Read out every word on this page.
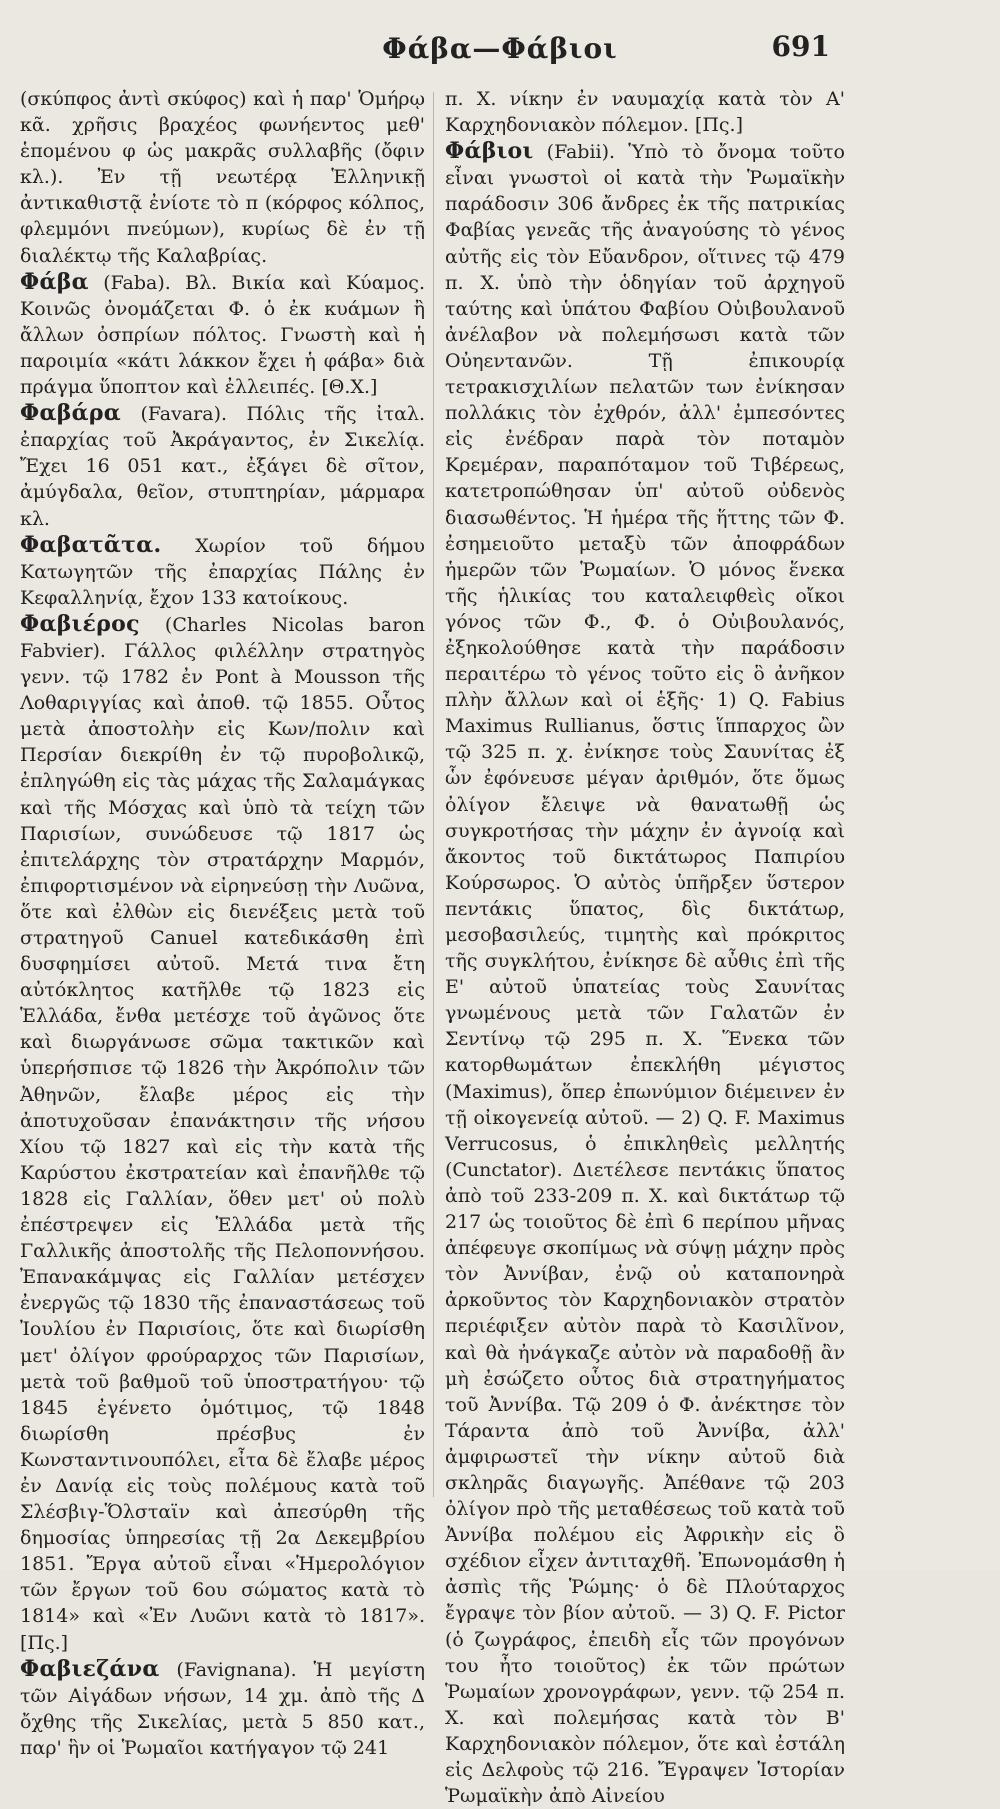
Φάβα—Φάβιοι	691

(σκύπφος ἀντὶ σκύφος) καὶ ἡ παρ' Ὁμήρῳ κᾶ. χρῆσις βραχέος φωνήεντος μεθ' ἑπομένου φ ὡς μακρᾶς συλλαβῆς (ὄφιν κλ.). Ἐν τῇ νεωτέρᾳ Ἑλληνικῇ ἀντικαθιστᾷ ἐνίοτε τὸ π (κόρφος κόλπος, φλεμμόνι πνεύμων), κυρίως δὲ ἐν τῇ διαλέκτῳ τῆς Καλαβρίας.

Φάβα (Faba). Βλ. Βικία καὶ Κύαμος. Κοινῶς ὀνομάζεται Φ. ὁ ἐκ κυάμων ἢ ἄλλων ὀσπρίων πόλτος. Γνωστὴ καὶ ἡ παροιμία «κάτι λάκκον ἔχει ἡ φάβα» διὰ πράγμα ὕποπτον καὶ ἐλλειπές. [Θ.Χ.]

Φαβάρα (Favara). Πόλις τῆς ἰταλ. ἐπαρχίας τοῦ Ἀκράγαντος, ἐν Σικελίᾳ. Ἔχει 16 051 κατ., ἐξάγει δὲ σῖτον, ἀμύγδαλα, θεῖον, στυπτηρίαν, μάρμαρα κλ.

Φαβατᾶτα. Χωρίον τοῦ δήμου Κατωγητῶν τῆς ἐπαρχίας Πάλης ἐν Κεφαλληνίᾳ, ἔχον 133 κατοίκους.

Φαβιέρος (Charles Nicolas baron Fabvier). Γάλλος φιλέλλην στρατηγὸς γενν. τῷ 1782 ἐν Pont à Mousson τῆς Λοθαριγγίας καὶ ἀποθ. τῷ 1855. Οὗτος μετὰ ἀποστολὴν εἰς Κων/πολιν καὶ Περσίαν διεκρίθη ἐν τῷ πυροβολικῷ, ἐπληγώθη εἰς τὰς μάχας τῆς Σαλαμάγκας καὶ τῆς Μόσχας καὶ ὑπὸ τὰ τείχη τῶν Παρισίων, συνώδευσε τῷ 1817 ὡς ἐπιτελάρχης τὸν στρατάρχην Μαρμόν, ἐπιφορτισμένον νὰ εἰρηνεύσῃ τὴν Λυῶνα, ὅτε καὶ ἐλθὼν εἰς διενέξεις μετὰ τοῦ στρατηγοῦ Canuel κατεδικάσθη ἐπὶ δυσφημίσει αὐτοῦ. Μετά τινα ἔτη αὐτόκλητος κατῆλθε τῷ 1823 εἰς Ἑλλάδα, ἔνθα μετέσχε τοῦ ἀγῶνος ὅτε καὶ διωργάνωσε σῶμα τακτικῶν καὶ ὑπερήσπισε τῷ 1826 τὴν Ἀκρόπολιν τῶν Ἀθηνῶν, ἔλαβε μέρος εἰς τὴν ἀποτυχοῦσαν ἐπανάκτησιν τῆς νήσου Χίου τῷ 1827 καὶ εἰς τὴν κατὰ τῆς Καρύστου ἐκστρατείαν καὶ ἐπανῆλθε τῷ 1828 εἰς Γαλλίαν, ὅθεν μετ' οὐ πολὺ ἐπέστρεψεν εἰς Ἑλλάδα μετὰ τῆς Γαλλικῆς ἀποστολῆς τῆς Πελοποννήσου. Ἐπανακάμψας εἰς Γαλλίαν μετέσχεν ἐνεργῶς τῷ 1830 τῆς ἐπαναστάσεως τοῦ Ἰουλίου ἐν Παρισίοις, ὅτε καὶ διωρίσθη μετ' ὀλίγον φρούραρχος τῶν Παρισίων, μετὰ τοῦ βαθμοῦ τοῦ ὑποστρατήγου· τῷ 1845 ἐγένετο ὁμότιμος, τῷ 1848 διωρίσθη πρέσβυς ἐν Κωνσταντινουπόλει, εἶτα δὲ ἔλαβε μέρος ἐν Δανίᾳ εἰς τοὺς πολέμους κατὰ τοῦ Σλέσβιγ-Ὅλσταϊν καὶ ἀπεσύρθη τῆς δημοσίας ὑπηρεσίας τῇ 2α Δεκεμβρίου 1851. Ἔργα αὐτοῦ εἶναι «Ἡμερολόγιον τῶν ἔργων τοῦ 6ου σώματος κατὰ τὸ 1814» καὶ «Ἐν Λυῶνι κατὰ τὸ 1817». [Πς.]

Φαβιεζάνα (Favignana). Ἡ μεγίστη τῶν Αἰγάδων νήσων, 14 χμ. ἀπὸ τῆς Δ ὄχθης τῆς Σικελίας, μετὰ 5 850 κατ., παρ' ἣν οἱ Ῥωμαῖοι κατήγαγον τῷ 241

π. Χ. νίκην ἐν ναυμαχίᾳ κατὰ τὸν Α' Καρχηδονιακὸν πόλεμον. [Πς.]

Φάβιοι (Fabii). Ὑπὸ τὸ ὄνομα τοῦτο εἶναι γνωστοὶ οἱ κατὰ τὴν Ῥωμαϊκὴν παράδοσιν 306 ἄνδρες ἐκ τῆς πατρικίας Φαβίας γενεᾶς τῆς ἀναγούσης τὸ γένος αὐτῆς εἰς τὸν Εὔανδρον, οἵτινες τῷ 479 π. Χ. ὑπὸ τὴν ὁδηγίαν τοῦ ἀρχηγοῦ ταύτης καὶ ὑπάτου Φαβίου Οὐιβουλανοῦ ἀνέλαβον νὰ πολεμήσωσι κατὰ τῶν Οὐηεντανῶν. Τῇ ἐπικουρίᾳ τετρακισχιλίων πελατῶν των ἐνίκησαν πολλάκις τὸν ἐχθρόν, ἀλλ' ἐμπεσόντες εἰς ἐνέδραν παρὰ τὸν ποταμὸν Κρεμέραν, παραπόταμον τοῦ Τιβέρεως, κατετροπώθησαν ὑπ' αὐτοῦ οὐδενὸς διασωθέντος. Ἡ ἡμέρα τῆς ἥττης τῶν Φ. ἐσημειοῦτο μεταξὺ τῶν ἀποφράδων ἡμερῶν τῶν Ῥωμαίων. Ὁ μόνος ἕνεκα τῆς ἡλικίας του καταλειφθεὶς οἴκοι γόνος τῶν Φ., Φ. ὁ Οὐιβουλανός, ἐξηκολούθησε κατὰ τὴν παράδοσιν περαιτέρω τὸ γένος τοῦτο εἰς ὃ ἀνῆκον πλὴν ἄλλων καὶ οἱ ἑξῆς· 1) Q. Fabius Maximus Rullianus, ὅστις ἵππαρχος ὢν τῷ 325 π. χ. ἐνίκησε τοὺς Σαυνίτας ἐξ ὧν ἐφόνευσε μέγαν ἀριθμόν, ὅτε ὅμως ὀλίγον ἔλειψε νὰ θανατωθῇ ὡς συγκροτήσας τὴν μάχην ἐν ἀγνοίᾳ καὶ ἄκοντος τοῦ δικτάτωρος Παπιρίου Κούρσωρος. Ὁ αὐτὸς ὑπῆρξεν ὕστερον πεντάκις ὕπατος, δὶς δικτάτωρ, μεσοβασιλεύς, τιμητὴς καὶ πρόκριτος τῆς συγκλήτου, ἐνίκησε δὲ αὖθις ἐπὶ τῆς Ε' αὐτοῦ ὑπατείας τοὺς Σαυνίτας γνωμένους μετὰ τῶν Γαλατῶν ἐν Σεντίνῳ τῷ 295 π. Χ. Ἕνεκα τῶν κατορθωμάτων ἐπεκλήθη μέγιστος (Maximus), ὅπερ ἐπωνύμιον διέμεινεν ἐν τῇ οἰκογενείᾳ αὐτοῦ. — 2) Q. F. Maximus Verrucosus, ὁ ἐπικληθεὶς μελλητής (Cunctator). Διετέλεσε πεντάκις ὕπατος ἀπὸ τοῦ 233-209 π. Χ. καὶ δικτάτωρ τῷ 217 ὡς τοιοῦτος δὲ ἐπὶ 6 περίπου μῆνας ἀπέφευγε σκοπίμως νὰ σύψῃ μάχην πρὸς τὸν Ἀννίβαν, ἐνῷ οὐ καταπονηρὰ ἀρκοῦντος τὸν Καρχηδονιακὸν στρατὸν περιέφιξεν αὐτὸν παρὰ τὸ Κασιλῖνον, καὶ θὰ ἠνάγκαζε αὐτὸν νὰ παραδοθῇ ἂν μὴ ἐσώζετο οὗτος διὰ στρατηγήματος τοῦ Ἀννίβα. Τῷ 209 ὁ Φ. ἀνέκτησε τὸν Τάραντα ἀπὸ τοῦ Ἀννίβα, ἀλλ' ἀμφιρωστεῖ τὴν νίκην αὐτοῦ διὰ σκληρᾶς διαγωγῆς. Ἀπέθανε τῷ 203 ὀλίγον πρὸ τῆς μεταθέσεως τοῦ κατὰ τοῦ Ἀννίβα πολέμου εἰς Ἀφρικὴν εἰς ὃ σχέδιον εἶχεν ἀντιταχθῆ. Ἐπωνομάσθη ἡ ἀσπὶς τῆς Ῥώμης· ὁ δὲ Πλούταρχος ἔγραψε τὸν βίον αὐτοῦ. — 3) Q. F. Pictor (ὁ ζωγράφος, ἐπειδὴ εἷς τῶν προγόνων του ἦτο τοιοῦτος) ἐκ τῶν πρώτων Ῥωμαίων χρονογράφων, γενν. τῷ 254 π. Χ. καὶ πολεμήσας κατὰ τὸν Β' Καρχηδονιακὸν πόλεμον, ὅτε καὶ ἐστάλη εἰς Δελφοὺς τῷ 216. Ἔγραψεν Ἱστορίαν Ῥωμαϊκὴν ἀπὸ Αἰνείου
